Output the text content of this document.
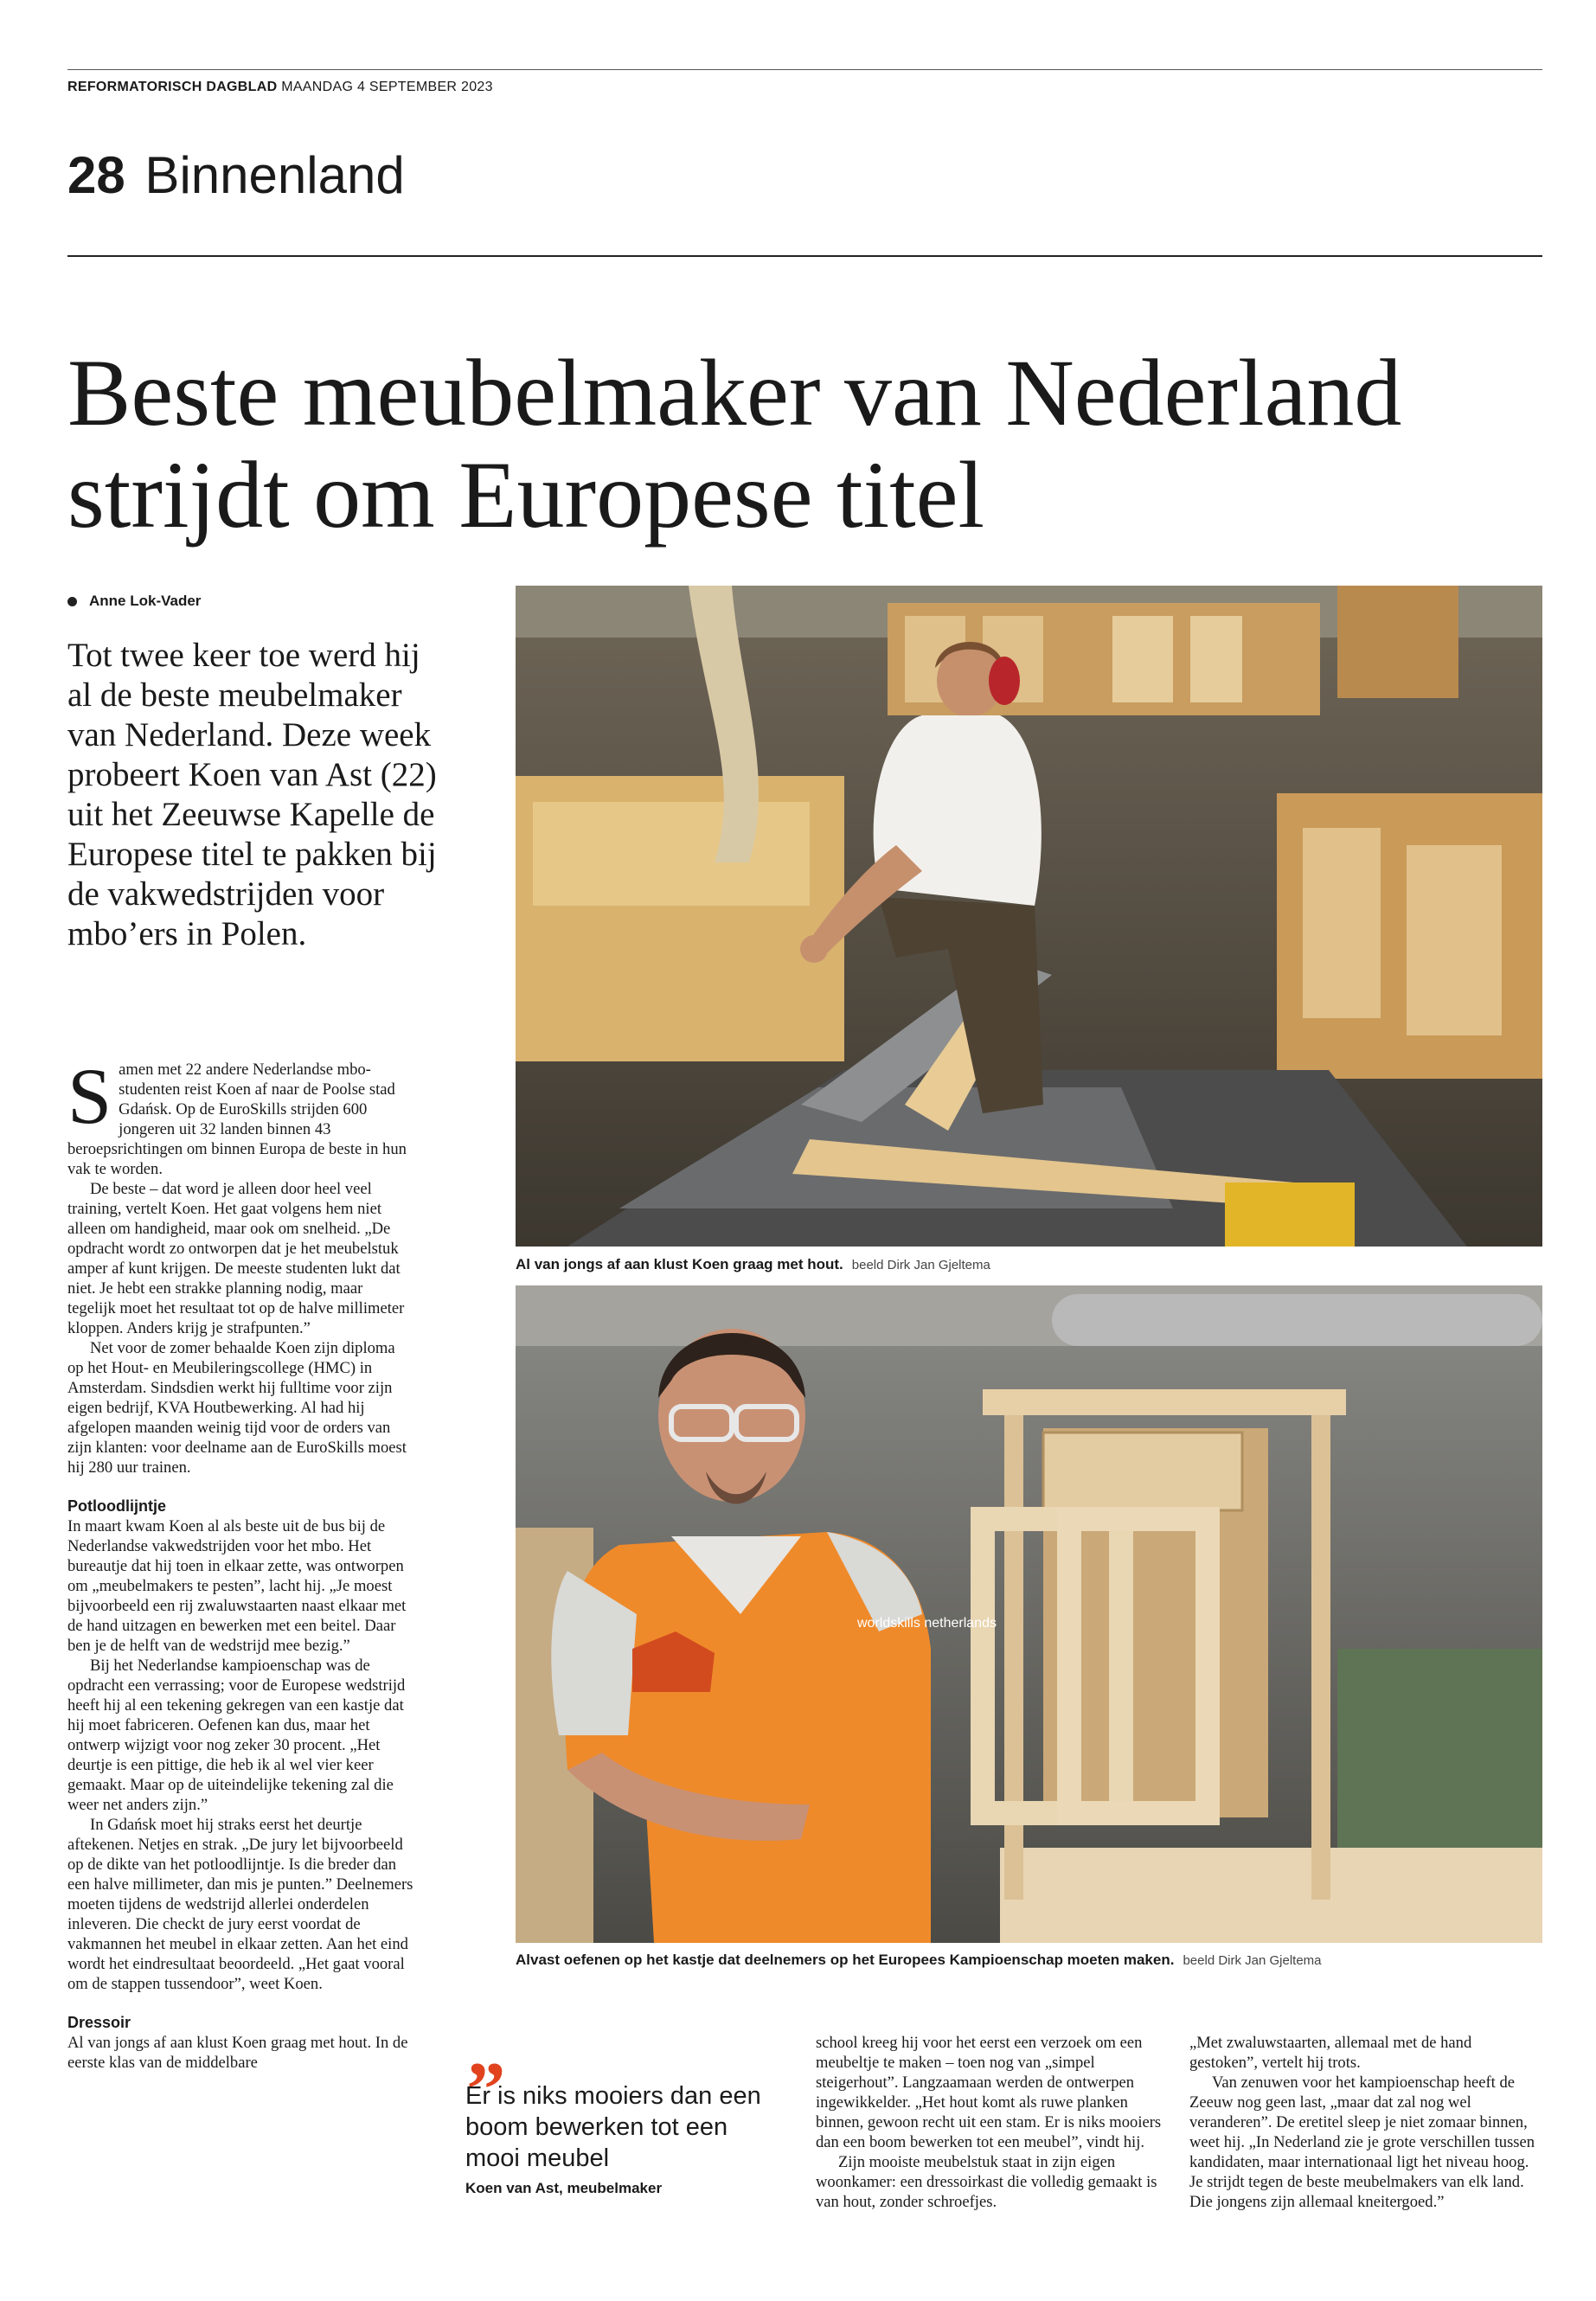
REFORMATORISCH DAGBLAD MAANDAG 4 SEPTEMBER 2023
28 Binnenland
Beste meubelmaker van Nederland
strijdt om Europese titel
Anne Lok-Vader
Tot twee keer toe werd hij al de beste meubelmaker van Nederland. Deze week probeert Koen van Ast (22) uit het Zeeuwse Kapelle de Europese titel te pakken bij de vakwedstrijden voor mbo’ers in Polen.

Samen met 22 andere Nederlandse mbo-studenten reist Koen af naar de Poolse stad Gdańsk. Op de EuroSkills strijden 600 jongeren uit 32 landen binnen 43 beroepsrichtingen om binnen Europa de beste in hun vak te worden.

De beste – dat word je alleen door heel veel training, vertelt Koen. Het gaat volgens hem niet alleen om handigheid, maar ook om snelheid. „De opdracht wordt zo ontworpen dat je het meubelstuk amper af kunt krijgen. De meeste studenten lukt dat niet. Je hebt een strakke planning nodig, maar tegelijk moet het resultaat tot op de halve millimeter kloppen. Anders krijg je strafpunten.”

Net voor de zomer behaalde Koen zijn diploma op het Hout- en Meubileringscollege (HMC) in Amsterdam. Sindsdien werkt hij fulltime voor zijn eigen bedrijf, KVA Houtbewerking. Al had hij afgelopen maanden weinig tijd voor de orders van zijn klanten: voor deelname aan de EuroSkills moest hij 280 uur trainen.

Potloodlijntje

In maart kwam Koen al als beste uit de bus bij de Nederlandse vakwedstrijden voor het mbo. Het bureautje dat hij toen in elkaar zette, was ontworpen om „meubelmakers te pesten”, lacht hij. „Je moest bijvoorbeeld een rij zwaluwstaarten naast elkaar met de hand uitzagen en bewerken met een beitel. Daar ben je de helft van de wedstrijd mee bezig.”

Bij het Nederlandse kampioenschap was de opdracht een verrassing; voor de Europese wedstrijd heeft hij al een tekening gekregen van een kastje dat hij moet fabriceren. Oefenen kan dus, maar het ontwerp wijzigt voor nog zeker 30 procent. „Het deurtje is een pittige, die heb ik al wel vier keer gemaakt. Maar op de uiteindelijke tekening zal die weer net anders zijn.”

In Gdańsk moet hij straks eerst het deurtje aftekenen. Netjes en strak. „De jury let bijvoorbeeld op de dikte van het potloodlijntje. Is die breder dan een halve millimeter, dan mis je punten.” Deelnemers moeten tijdens de wedstrijd allerlei onderdelen inleveren. Die checkt de jury eerst voordat de vakmannen het meubel in elkaar zetten. Aan het eind wordt het eindresultaat beoordeeld. „Het gaat vooral om de stappen tussendoor”, weet Koen.

Dressoir

Al van jongs af aan klust Koen graag met hout. In de eerste klas van de middelbare

Al van jongs af aan klust Koen graag met hout. beeld Dirk Jan Gjeltema
worldskills netherlands
Alvast oefenen op het kastje dat deelnemers op het Europees Kampioenschap moeten maken. beeld Dirk Jan Gjeltema
„
Er is niks mooiers dan een boom bewerken tot een mooi meubel
Koen van Ast, meubelmaker

school kreeg hij voor het eerst een verzoek om een meubeltje te maken – toen nog van „simpel steigerhout”. Langzaamaan werden de ontwerpen ingewikkelder. „Het hout komt als ruwe planken binnen, gewoon recht uit een stam. Er is niks mooiers dan een boom bewerken tot een meubel”, vindt hij.

Zijn mooiste meubelstuk staat in zijn eigen woonkamer: een dressoirkast die volledig gemaakt is van hout, zonder schroefjes.

„Met zwaluwstaarten, allemaal met de hand gestoken”, vertelt hij trots.

Van zenuwen voor het kampioenschap heeft de Zeeuw nog geen last, „maar dat zal nog wel veranderen”. De eretitel sleep je niet zomaar binnen, weet hij. „In Nederland zie je grote verschillen tussen kandidaten, maar internationaal ligt het niveau hoog. Je strijdt tegen de beste meubelmakers van elk land. Die jongens zijn allemaal kneitergoed.”
